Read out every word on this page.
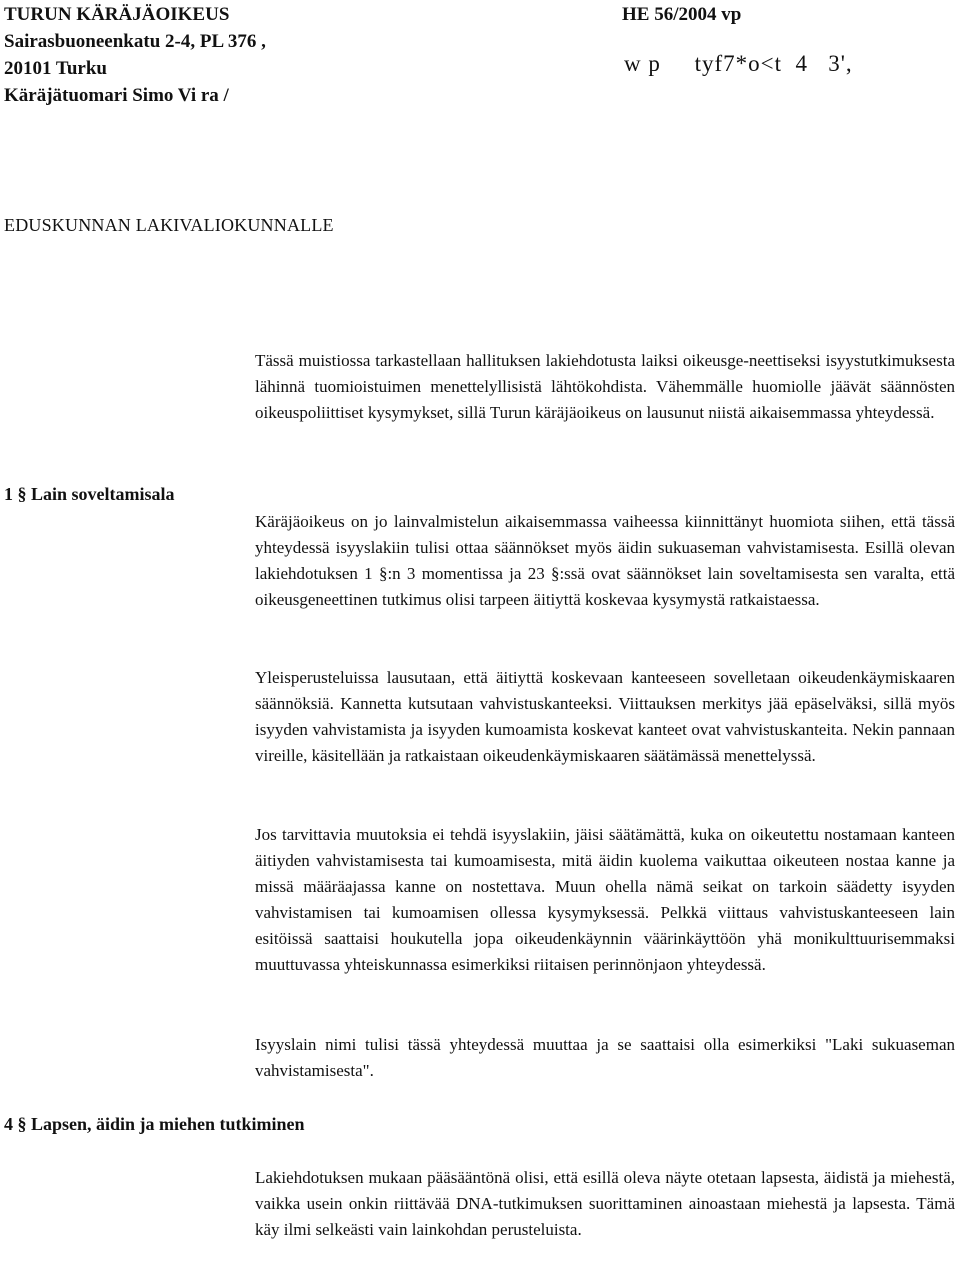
TURUN KÄRÄJÄOIKEUS
Sairasbuoneenkatu 2-4, PL 376 ,
20101 Turku
Käräjätuomari Simo Vi ra /
HE 56/2004 vp
w p     tyf7*o<t  4   3',
EDUSKUNNAN LAKIVALIOKUNNALLE

Tässä muistiossa tarkastellaan hallituksen lakiehdotusta laiksi oikeusge-neettiseksi isyystutkimuksesta lähinnä tuomioistuimen menettelyllisistä lähtökohdista. Vähemmälle huomiolle jäävät säännösten oikeuspoliittiset kysymykset, sillä Turun käräjäoikeus on lausunut niistä aikaisemmassa yhteydessä.

1 § Lain soveltamisala

Käräjäoikeus on jo lainvalmistelun aikaisemmassa vaiheessa kiinnittänyt huomiota siihen, että tässä yhteydessä isyyslakiin tulisi ottaa säännökset myös äidin sukuaseman vahvistamisesta. Esillä olevan lakiehdotuksen 1 §:n 3 momentissa ja 23 §:ssä ovat säännökset lain soveltamisesta sen varalta, että oikeusgeneettinen tutkimus olisi tarpeen äitiyttä koskevaa kysymystä ratkaistaessa.

Yleisperusteluissa lausutaan, että äitiyttä koskevaan kanteeseen sovelletaan oikeudenkäymiskaaren säännöksiä. Kannetta kutsutaan vahvistuskanteeksi. Viittauksen merkitys jää epäselväksi, sillä myös isyyden vahvistamista ja isyyden kumoamista koskevat kanteet ovat vahvistuskanteita. Nekin pannaan vireille, käsitellään ja ratkaistaan oikeudenkäymiskaaren säätämässä menettelyssä.

Jos tarvittavia muutoksia ei tehdä isyyslakiin, jäisi säätämättä, kuka on oikeutettu nostamaan kanteen äitiyden vahvistamisesta tai kumoamisesta, mitä äidin kuolema vaikuttaa oikeuteen nostaa kanne ja missä määräajassa kanne on nostettava. Muun ohella nämä seikat on tarkoin säädetty isyyden vahvistamisen tai kumoamisen ollessa kysymyksessä. Pelkkä viittaus vahvistuskanteeseen lain esitöissä saattaisi houkutella jopa oikeudenkäynnin väärinkäyttöön yhä monikulttuurisemmaksi muuttuvassa yhteiskunnassa esimerkiksi riitaisen perinnönjaon yhteydessä.

Isyyslain nimi tulisi tässä yhteydessä muuttaa ja se saattaisi olla esimerkiksi "Laki sukuaseman vahvistamisesta".

4 § Lapsen, äidin ja miehen tutkiminen

Lakiehdotuksen mukaan pääsääntönä olisi, että esillä oleva näyte otetaan lapsesta, äidistä ja miehestä, vaikka usein onkin riittävää DNA-tutkimuksen suorittaminen ainoastaan miehestä ja lapsesta. Tämä käy ilmi selkeästi vain lainkohdan perusteluista.
